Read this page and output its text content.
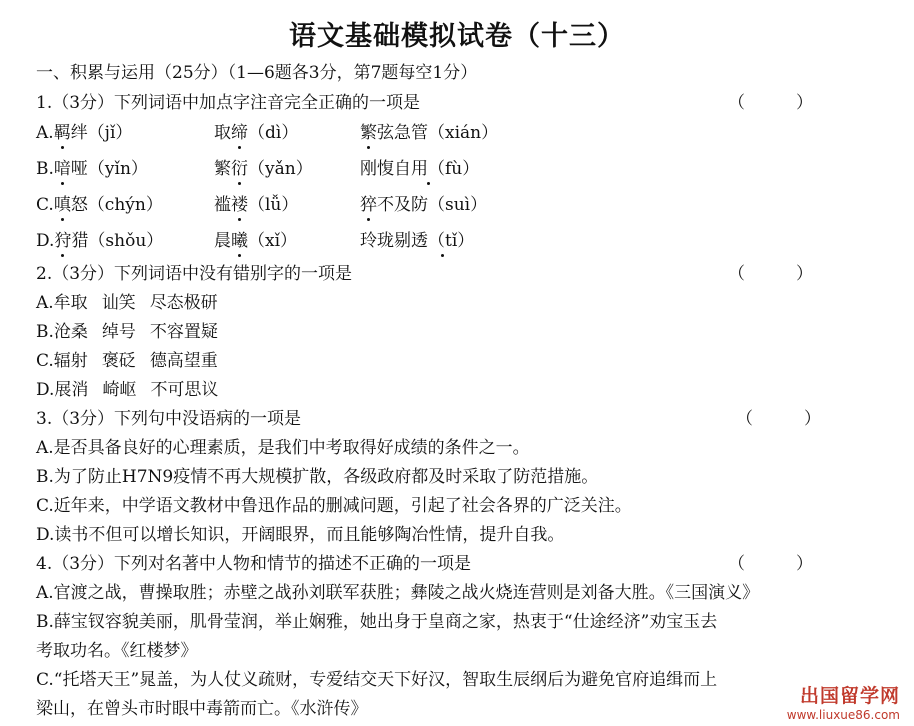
语文基础模拟试卷（十三）
一、积累与运用（25分）（1—6题各3分，第7题每空1分）
1.（3分）下列词语中加点字注音完全正确的一项是	（　　　）
A.羁绊（jǐ）	取缔（dì）	繁弦急管（xián）
B.喑哑（yǐn）	繁衍（yǎn）	刚愎自用（fù）
C.嗔怒（chýn）	褴褛（lǚ）	猝不及防（suì）
D.狩猎（shǒu）	晨曦（xǐ）	玲珑剔透（tǐ）
2.（3分）下列词语中没有错别字的一项是	（　　　）
A.牟取 讪笑 尽态极研
B.沧桑 绰号 不容置疑
C.辐射 褒砭 德高望重
D.展消 崎岖 不可思议
3.（3分）下列句中没语病的一项是	（　　　）
A.是否具备良好的心理素质，是我们中考取得好成绩的条件之一。
B.为了防止H7N9疫情不再大规模扩散，各级政府都及时采取了防范措施。
C.近年来，中学语文教材中鲁迅作品的删减问题，引起了社会各界的广泛关注。
D.读书不但可以增长知识，开阔眼界，而且能够陶冶性情，提升自我。
4.（3分）下列对名著中人物和情节的描述不正确的一项是	（　　　）
A.官渡之战，曹操取胜；赤壁之战孙刘联军获胜；彝陵之战火烧连营则是刘备大胜。《三国演义》
B.薛宝钗容貌美丽，肌骨莹润，举止娴雅，她出身于皇商之家，热衷于“仕途经济”劝宝玉去
考取功名。《红楼梦》
C.“托塔天王”晁盖，为人仗义疏财，专爱结交天下好汉，智取生辰纲后为避免官府追缉而上
梁山，在曾头市时眼中毒箭而亡。《水浒传》
出国留学网
www.liuxue86.com
